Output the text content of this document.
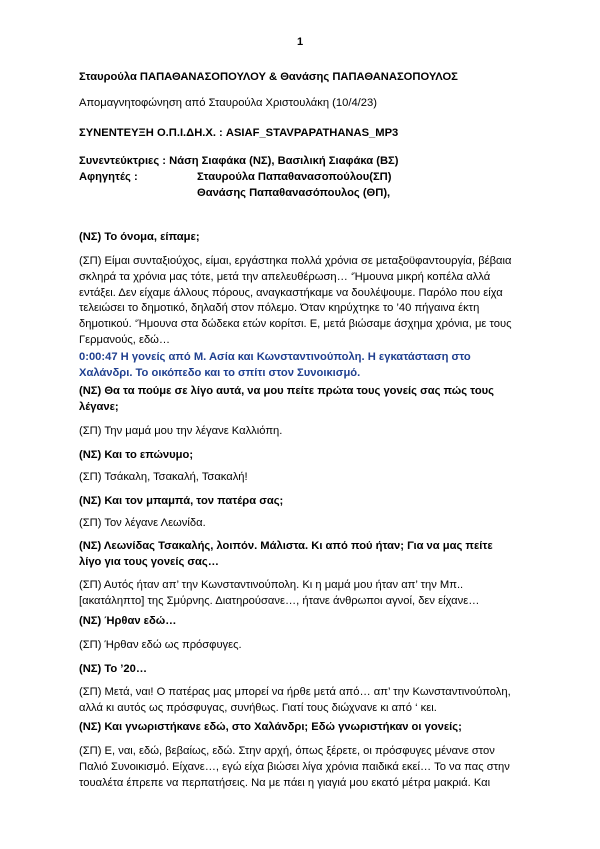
1
Σταυρούλα ΠΑΠΑΘΑΝΑΣΟΠΟΥΛΟΥ & Θανάσης ΠΑΠΑΘΑΝΑΣΟΠΟΥΛΟΣ
Απομαγνητοφώνηση από Σταυρούλα Χριστουλάκη (10/4/23)
ΣΥΝΕΝΤΕΥΞΗ Ο.Π.Ι.ΔΗ.Χ. : ASIAF_STAVPAPATHANAS_MP3
Συνεντεύκτριες : Νάση Σιαφάκα (ΝΣ), Βασιλική Σιαφάκα (ΒΣ)
Αφηγητές :	Σταυρούλα Παπαθανασοπούλου(ΣΠ)
Θανάσης Παπαθανασόπουλος (ΘΠ),
(ΝΣ) Το όνομα, είπαμε;
(ΣΠ) Είμαι συνταξιούχος, είμαι, εργάστηκα πολλά χρόνια σε μεταξοϋφαντουργία, βέβαια
σκληρά τα χρόνια μας τότε, μετά την απελευθέρωση… ‘Ήμουνα μικρή κοπέλα αλλά
εντάξει. Δεν είχαμε άλλους πόρους, αναγκαστήκαμε να δουλέψουμε. Παρόλο που είχα
τελειώσει το δημοτικό, δηλαδή στον πόλεμο. Όταν κηρύχτηκε το ’40 πήγαινα έκτη
δημοτικού. ‘Ήμουνα στα δώδεκα ετών κορίτσι. Ε, μετά βιώσαμε άσχημα χρόνια, με τους
Γερμανούς, εδώ…
0:00:47 Η γονείς από Μ. Ασία και Κωνσταντινούπολη. Η εγκατάσταση στο
Χαλάνδρι. Το οικόπεδο και το σπίτι στον Συνοικισμό.
(ΝΣ) Θα τα πούμε σε λίγο αυτά, να μου πείτε πρώτα τους γονείς σας πώς τους
λέγανε;
(ΣΠ) Την μαμά μου την λέγανε Καλλιόπη.
(ΝΣ) Και το επώνυμο;
(ΣΠ) Τσάκαλη, Τσακαλή, Τσακαλή!
(ΝΣ) Και τον μπαμπά, τον πατέρα σας;
(ΣΠ) Τον λέγανε Λεωνίδα.
(ΝΣ) Λεωνίδας Τσακαλής, λοιπόν. Μάλιστα. Κι από πού ήταν; Για να μας πείτε
λίγο για τους γονείς σας…
(ΣΠ) Αυτός ήταν απ’ την Κωνσταντινούπολη. Κι η μαμά μου ήταν απ’ την Μπ..
[ακατάληπτο] της Σμύρνης. Διατηρούσανε…, ήτανε άνθρωποι αγνοί, δεν είχανε…
(ΝΣ) Ήρθαν εδώ…
(ΣΠ) Ήρθαν εδώ ως πρόσφυγες.
(ΝΣ) Το ’20…
(ΣΠ) Μετά, ναι! Ο πατέρας μας μπορεί να ήρθε μετά από… απ’ την Κωνσταντινούπολη,
αλλά κι αυτός ως πρόσφυγας, συνήθως. Γιατί τους διώχνανε κι από ‘ κει.
(ΝΣ) Και γνωριστήκανε εδώ, στο Χαλάνδρι; Εδώ γνωριστήκαν οι γονείς;
(ΣΠ) Ε, ναι, εδώ, βεβαίως, εδώ. Στην αρχή, όπως ξέρετε, οι πρόσφυγες μένανε στον
Παλιό Συνοικισμό. Είχανε…, εγώ είχα βιώσει λίγα χρόνια παιδικά εκεί… Το να πας στην
τουαλέτα έπρεπε να περπατήσεις. Να με πάει η γιαγιά μου εκατό μέτρα μακριά. Και
